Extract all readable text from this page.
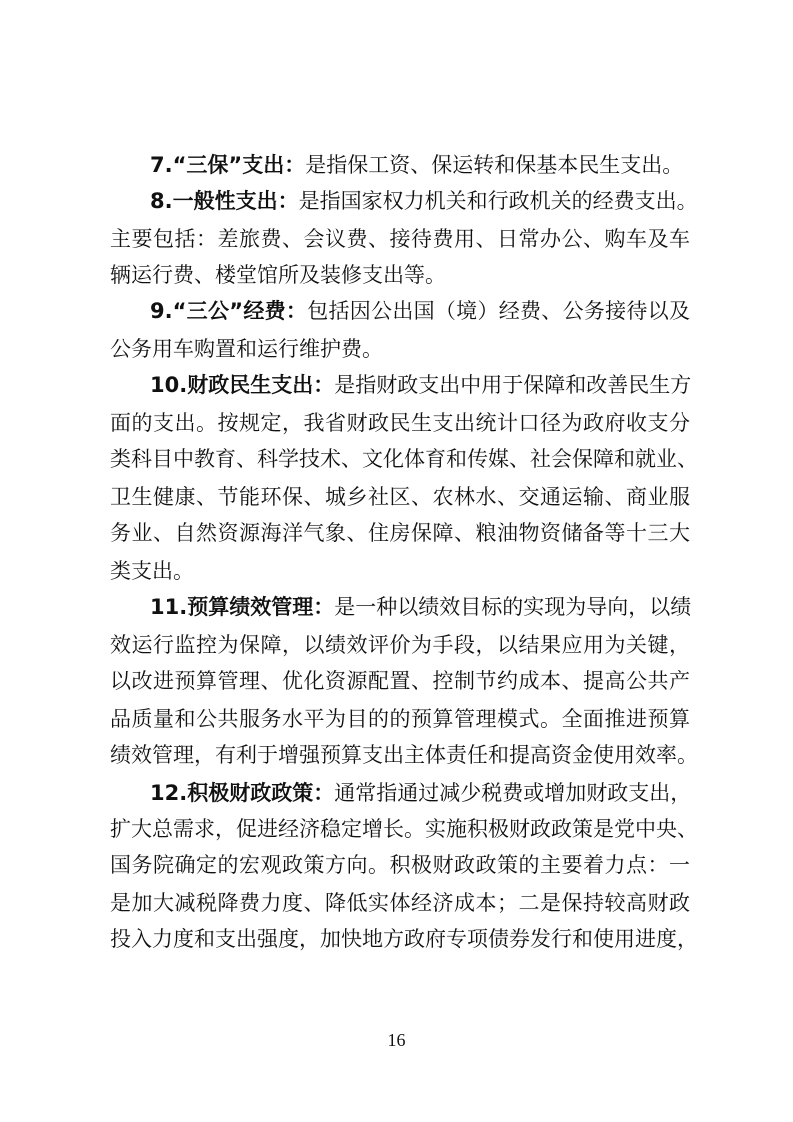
7.“三保”支出：是指保工资、保运转和保基本民生支出。
8.一般性支出：是指国家权力机关和行政机关的经费支出。
主要包括：差旅费、会议费、接待费用、日常办公、购车及车
辆运行费、楼堂馆所及装修支出等。
9.“三公”经费：包括因公出国（境）经费、公务接待以及
公务用车购置和运行维护费。
10.财政民生支出：是指财政支出中用于保障和改善民生方
面的支出。按规定，我省财政民生支出统计口径为政府收支分
类科目中教育、科学技术、文化体育和传媒、社会保障和就业、
卫生健康、节能环保、城乡社区、农林水、交通运输、商业服
务业、自然资源海洋气象、住房保障、粮油物资储备等十三大
类支出。
11.预算绩效管理：是一种以绩效目标的实现为导向，以绩
效运行监控为保障，以绩效评价为手段，以结果应用为关键，
以改进预算管理、优化资源配置、控制节约成本、提高公共产
品质量和公共服务水平为目的的预算管理模式。全面推进预算
绩效管理，有利于增强预算支出主体责任和提高资金使用效率。
12.积极财政政策：通常指通过减少税费或增加财政支出，
扩大总需求，促进经济稳定增长。实施积极财政政策是党中央、
国务院确定的宏观政策方向。积极财政政策的主要着力点：一
是加大减税降费力度、降低实体经济成本；二是保持较高财政
投入力度和支出强度，加快地方政府专项债券发行和使用进度，
16
